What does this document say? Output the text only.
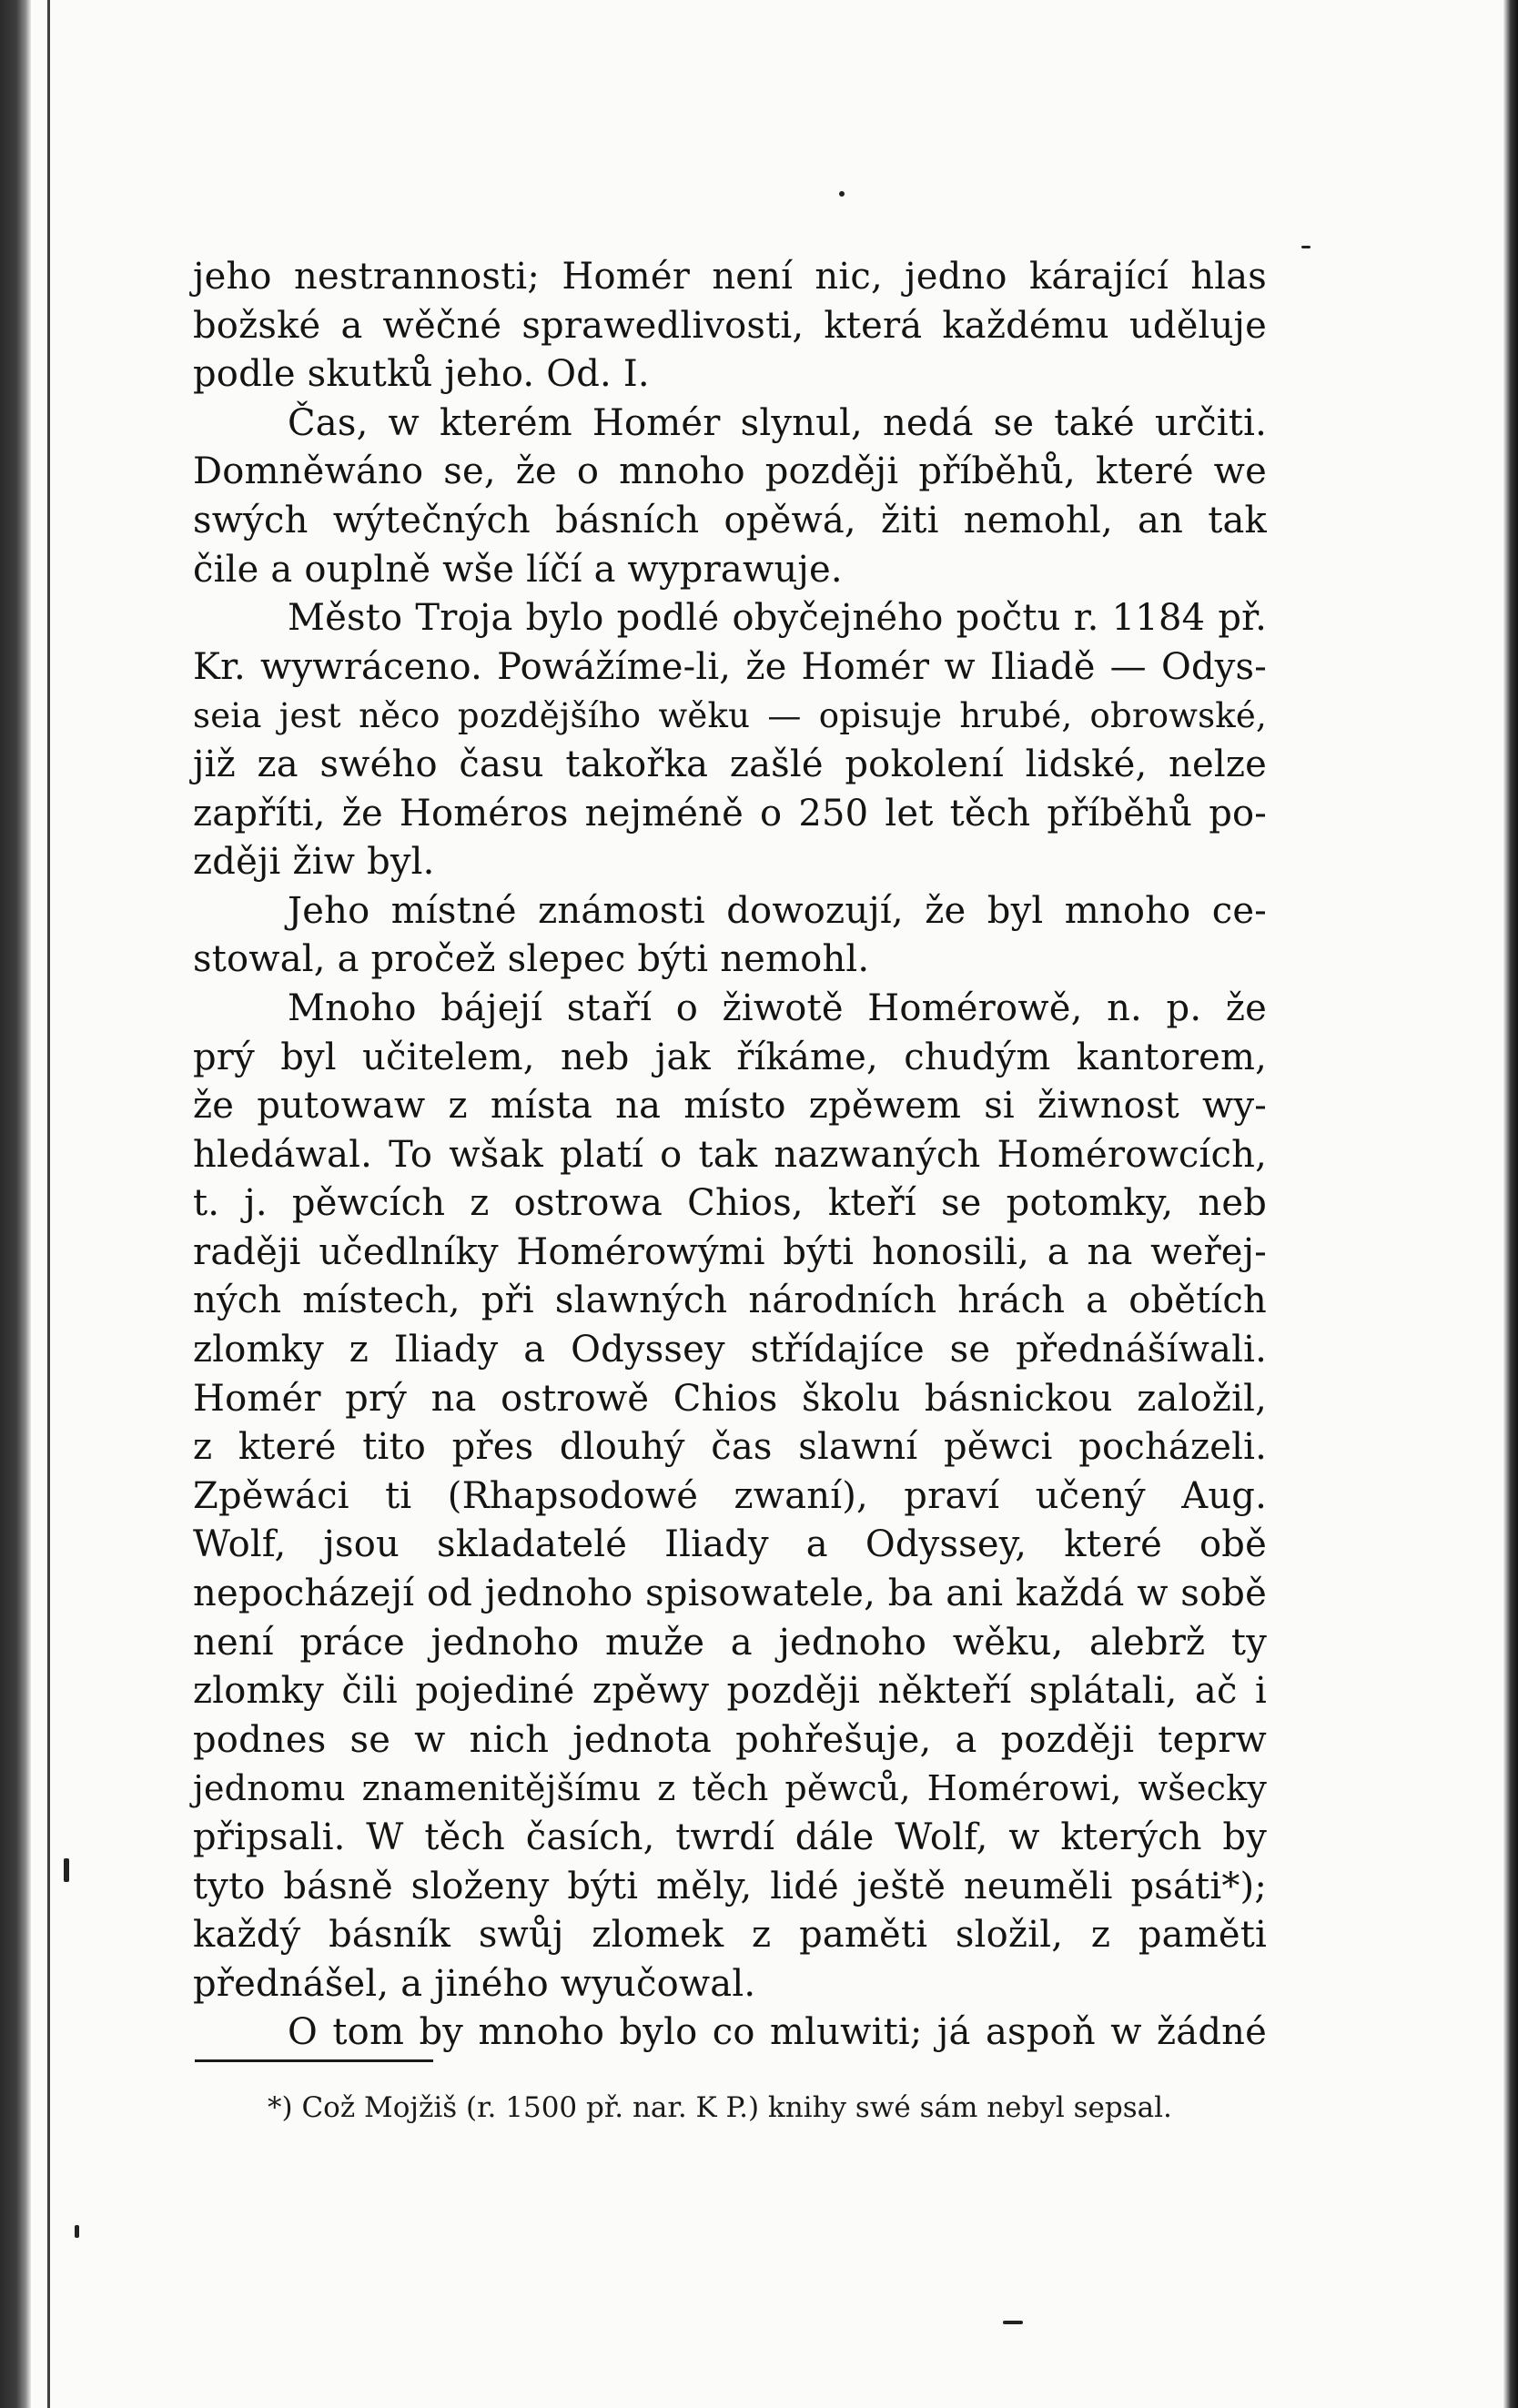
jeho nestrannosti; Homér není nic, jedno kárající hlas
božské a wěčné sprawedlivosti, která každému uděluje
podle skutků jeho. Od. I.
Čas, w kterém Homér slynul, nedá se také určiti.
Domněwáno se, že o mnoho později příběhů, které we
swých wýtečných básních opěwá, žiti nemohl, an tak
čile a ouplně wše líčí a wyprawuje.
Město Troja bylo podlé obyčejného počtu r. 1184 př.
Kr. wywráceno. Powážíme-li, že Homér w Iliadě — Odys-
seia jest něco pozdějšího wěku — opisuje hrubé, obrowské,
již za swého času takořka zašlé pokolení lidské, nelze
zapříti, že Homéros nejméně o 250 let těch příběhů po-
zději žiw byl.
Jeho místné známosti dowozují, že byl mnoho ce-
stowal, a pročež slepec býti nemohl.
Mnoho bájejí staří o žiwotě Homérowě, n. p. že
prý byl učitelem, neb jak říkáme, chudým kantorem,
že putowaw z místa na místo zpěwem si žiwnost wy-
hledáwal. To wšak platí o tak nazwaných Homérowcích,
t. j. pěwcích z ostrowa Chios, kteří se potomky, neb
raději učedlníky Homérowými býti honosili, a na weřej-
ných místech, při slawných národních hrách a obětích
zlomky z Iliady a Odyssey střídajíce se přednášíwali.
Homér prý na ostrowě Chios školu básnickou založil,
z které tito přes dlouhý čas slawní pěwci pocházeli.
Zpěwáci ti (Rhapsodowé zwaní), praví učený Aug.
Wolf, jsou skladatelé Iliady a Odyssey, které obě
nepocházejí od jednoho spisowatele, ba ani každá w sobě
není práce jednoho muže a jednoho wěku, alebrž ty
zlomky čili pojediné zpěwy později někteří splátali, ač i
podnes se w nich jednota pohřešuje, a později teprw
jednomu znamenitějšímu z těch pěwců, Homérowi, wšecky
připsali. W těch časích, twrdí dále Wolf, w kterých by
tyto básně složeny býti měly, lidé ještě neuměli psáti*);
každý básník swůj zlomek z paměti složil, z paměti
přednášel, a jiného wyučowal.
O tom by mnoho bylo co mluwiti; já aspoň w žádné
*) Což Mojžiš (r. 1500 př. nar. K P.) knihy swé sám nebyl sepsal.
